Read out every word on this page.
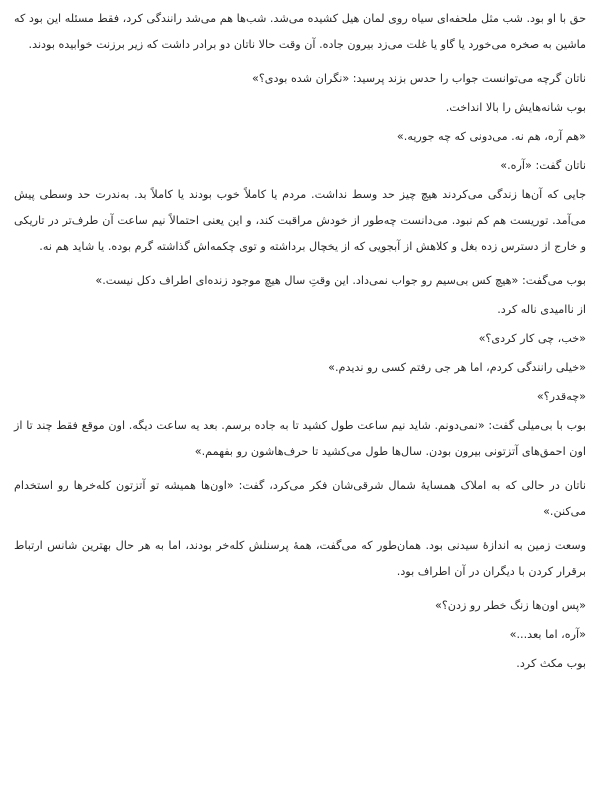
حق با او بود. شب مثل ملحفه‌ای سیاه روی لمان هیل کشیده می‌شد. شب‌ها هم می‌شد رانندگی کرد، فقط مسئله این بود که ماشین به صخره می‌خورد یا گاو یا غلت می‌زد بیرون جاده. آن وقت حالا ناتان دو برادر داشت که زیر برزنت خوابیده بودند.

ناتان گرچه می‌توانست جواب را حدس بزند پرسید: «نگران شده بودی؟»

بوب شانه‌هایش را بالا انداخت.

«هم آره، هم نه. می‌دونی که چه جوریه.»

ناتان گفت: «آره.»

جایی که آن‌ها زندگی می‌کردند هیچ چیز حد وسط نداشت. مردم یا کاملاً خوب بودند یا کاملاً بد. به‌ندرت حد وسطی پیش می‌آمد. توریست هم کم نبود. می‌دانست چه‌طور از خودش مراقبت کند، و این یعنی احتمالاً نیم ساعت آن طرف‌تر در تاریکی و خارج از دسترس زده بغل و کلاهش از آبجویی که از یخچال برداشته و توی چکمه‌اش گذاشته گرم بوده. یا شاید هم نه.

بوب می‌گفت: «هیچ کس بی‌سیم رو جواب نمی‌داد. این وقتِ سال هیچ موجود زنده‌ای اطراف دکل نیست.»

از ناامیدی ناله کرد.

«خب، چی کار کردی؟»

«خیلی رانندگی کردم، اما هر جی رفتم کسی رو ندیدم.»

«چه‌قدر؟»

بوب با بی‌میلی گفت: «نمی‌دونم. شاید نیم ساعت طول کشید تا به جاده برسم. بعد یه ساعت دیگه. اون موقع فقط چند تا از اون احمق‌های آتزتونی بیرون بودن. سال‌ها طول می‌کشید تا حرف‌هاشون رو بفهمم.»

ناتان در حالی که به املاک همسایهٔ شمال شرقی‌شان فکر می‌کرد، گفت: «اون‌ها همیشه تو آتزتون کله‌خرها رو استخدام می‌کنن.»

وسعت زمین به اندازهٔ سیدنی بود. همان‌طور که می‌گفت، همهٔ پرسنلش کله‌خر بودند، اما به هر حال بهترین شانس ارتباط برقرار کردن با دیگران در آن اطراف بود.

«پس اون‌ها زنگ خطر رو زدن؟»

«آره، اما بعد...»

بوب مکث کرد.
